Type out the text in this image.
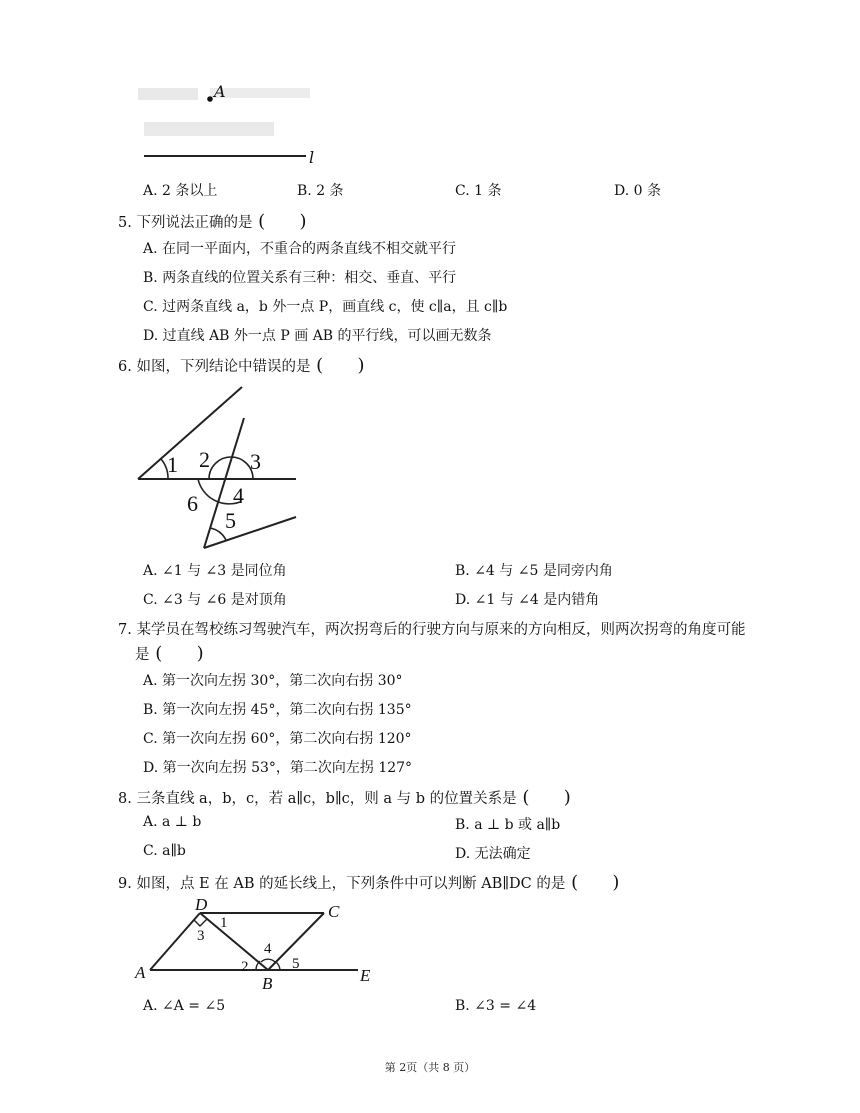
A
l
A. 2 条以上	B. 2 条	C. 1 条	D. 0 条
5. 下列说法正确的是 (      )
A. 在同一平面内，不重合的两条直线不相交就平行
B. 两条直线的位置关系有三种：相交、垂直、平行
C. 过两条直线 a，b 外一点 P，画直线 c，使 c∥a，且 c∥b
D. 过直线 AB 外一点 P 画 AB 的平行线，可以画无数条
6. 如图，下列结论中错误的是 (      )
1 2 3
4
5
6
A. ∠1 与 ∠3 是同位角	B. ∠4 与 ∠5 是同旁内角
C. ∠3 与 ∠6 是对顶角	D. ∠1 与 ∠4 是内错角
7. 某学员在驾校练习驾驶汽车，两次拐弯后的行驶方向与原来的方向相反，则两次拐弯的角度可能
是 (      )
A. 第一次向左拐 30°，第二次向右拐 30°
B. 第一次向左拐 45°，第二次向右拐 135°
C. 第一次向左拐 60°，第二次向右拐 120°
D. 第一次向左拐 53°，第二次向左拐 127°
8. 三条直线 a，b，c，若 a∥c，b∥c，则 a 与 b 的位置关系是 (      )
A. a ⊥ b	B. a ⊥ b 或 a∥b
C. a∥b	D. 无法确定
9. 如图，点 E 在 AB 的延长线上，下列条件中可以判断 AB∥DC 的是 (      )
D	C
A
B	E
1
2
3
4
5
A. ∠A = ∠5	B. ∠3 = ∠4
第 2页（共 8 页）
